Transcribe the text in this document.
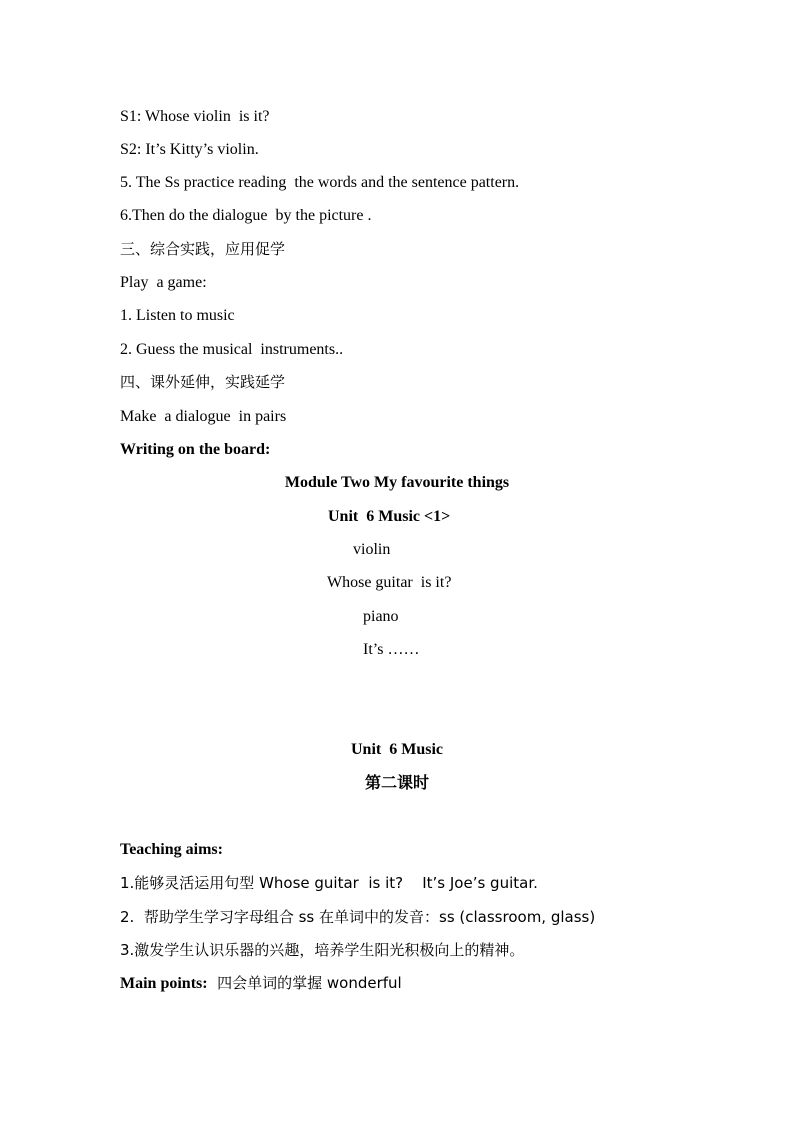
S1: Whose violin  is it?
S2: It’s Kitty’s violin.
5. The Ss practice reading  the words and the sentence pattern.
6.Then do the dialogue  by the picture .
三、综合实践，应用促学
Play  a game:
1. Listen to music
2. Guess the musical  instruments..
四、课外延伸，实践延学
Make  a dialogue  in pairs
Writing on the board:
Module Two My favourite things
Unit  6 Music <1>
violin
Whose guitar  is it?
piano
It’s ……
Unit  6 Music
第二课时
Teaching aims:
1.能够灵活运用句型 Whose guitar  is it?    It’s Joe’s guitar.
2.  帮助学生学习字母组合 ss 在单词中的发音：ss (classroom, glass)
3.激发学生认识乐器的兴趣，培养学生阳光积极向上的精神。
Main points:  四会单词的掌握 wonderful
